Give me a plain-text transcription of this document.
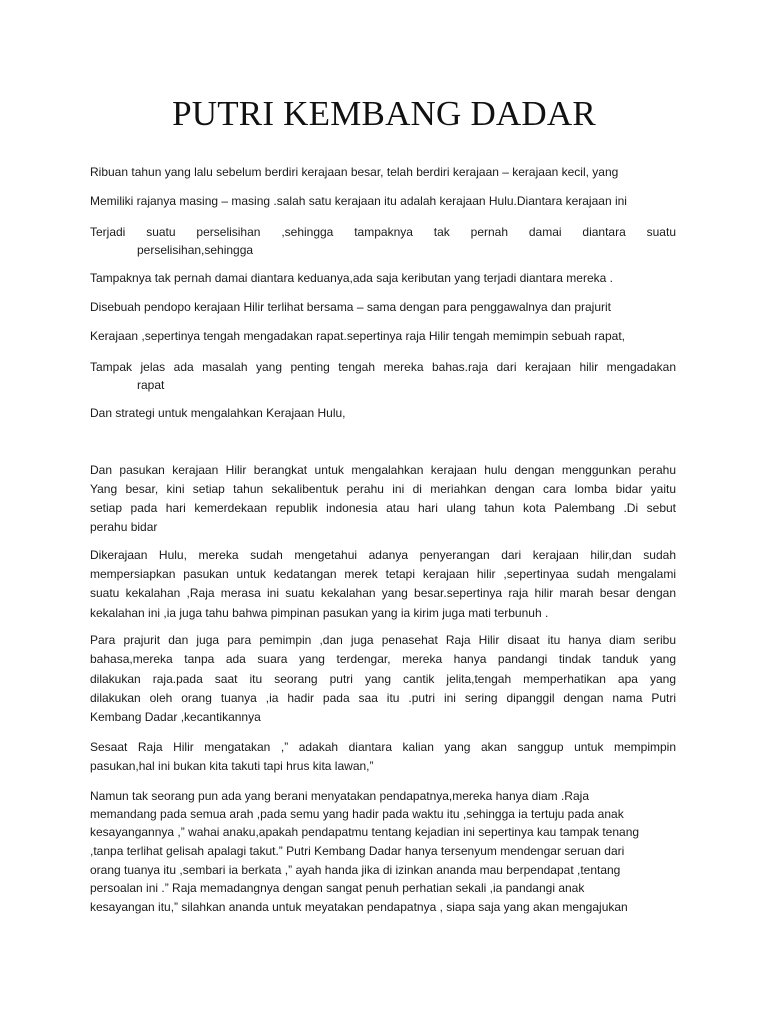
PUTRI KEMBANG DADAR
Ribuan tahun yang lalu sebelum berdiri kerajaan besar, telah berdiri kerajaan – kerajaan kecil, yang
Memiliki rajanya masing – masing .salah satu kerajaan itu adalah kerajaan Hulu.Diantara kerajaan ini
Terjadi suatu perselisihan ,sehingga tampaknya tak pernah damai diantara suatu
perselisihan,sehingga
Tampaknya tak pernah damai diantara keduanya,ada saja keributan yang terjadi diantara mereka .
Disebuah pendopo kerajaan Hilir terlihat bersama – sama dengan para penggawalnya dan prajurit
Kerajaan ,sepertinya tengah mengadakan rapat.sepertinya raja Hilir tengah memimpin sebuah rapat,
Tampak jelas ada masalah yang penting tengah mereka bahas.raja dari kerajaan hilir mengadakan
rapat
Dan strategi untuk mengalahkan Kerajaan Hulu,
Dan pasukan kerajaan Hilir berangkat untuk mengalahkan kerajaan hulu dengan menggunkan perahu
Yang besar, kini setiap tahun sekalibentuk perahu ini di meriahkan dengan cara lomba bidar yaitu
setiap pada hari kemerdekaan republik indonesia atau hari ulang tahun kota Palembang .Di sebut
perahu bidar
Dikerajaan Hulu, mereka sudah mengetahui adanya penyerangan dari kerajaan hilir,dan sudah
mempersiapkan pasukan untuk kedatangan merek tetapi kerajaan hilir ,sepertinyaa sudah mengalami
suatu kekalahan ,Raja merasa ini suatu kekalahan yang besar.sepertinya raja hilir marah besar dengan
kekalahan ini ,ia juga tahu bahwa pimpinan pasukan yang ia kirim juga mati terbunuh .
Para prajurit dan juga para pemimpin ,dan juga penasehat Raja Hilir disaat itu hanya diam seribu
bahasa,mereka tanpa ada suara yang terdengar, mereka hanya pandangi tindak tanduk yang
dilakukan raja.pada saat itu seorang putri yang cantik jelita,tengah memperhatikan apa yang
dilakukan oleh orang tuanya ,ia hadir pada saa itu .putri ini sering dipanggil dengan nama Putri
Kembang Dadar ,kecantikannya
Sesaat Raja Hilir mengatakan ,” adakah diantara kalian yang akan sanggup untuk mempimpin
pasukan,hal ini bukan kita takuti tapi hrus kita lawan,”
Namun tak seorang pun ada yang berani menyatakan pendapatnya,mereka hanya diam .Raja
memandang pada semua arah ,pada semu yang hadir pada waktu itu ,sehingga ia tertuju pada anak
kesayangannya ,” wahai anaku,apakah pendapatmu tentang kejadian ini sepertinya kau tampak tenang
,tanpa terlihat gelisah apalagi takut.” Putri Kembang Dadar hanya tersenyum mendengar seruan dari
orang tuanya itu ,sembari ia berkata ,” ayah handa jika di izinkan ananda mau berpendapat ,tentang
persoalan ini .” Raja memadangnya dengan sangat penuh perhatian sekali ,ia pandangi anak
kesayangan itu,” silahkan ananda untuk meyatakan pendapatnya , siapa saja yang akan mengajukan
